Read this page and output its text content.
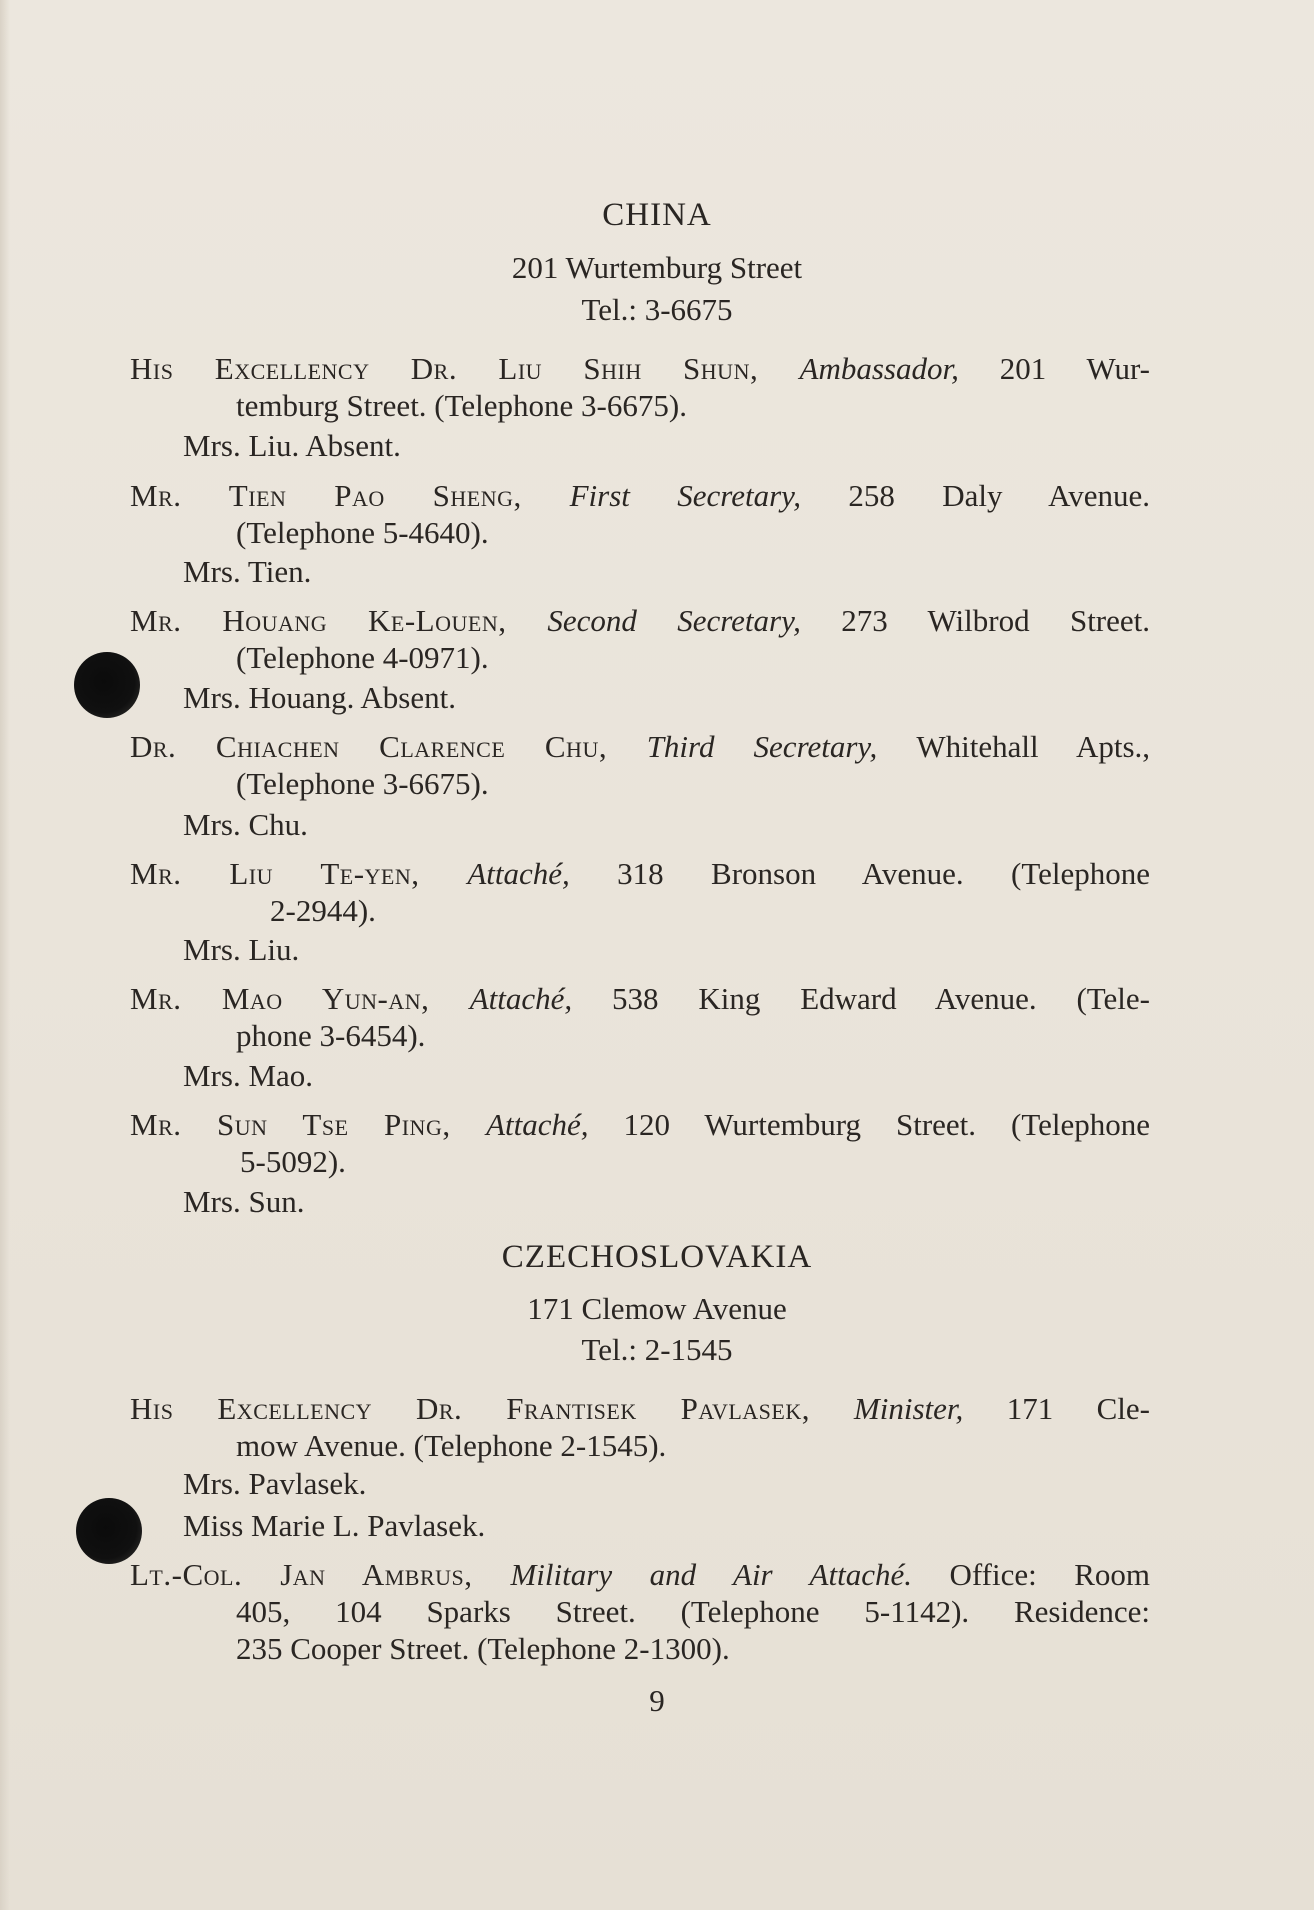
CHINA
201 Wurtemburg Street
Tel.: 3-6675
His Excellency Dr. Liu Shih Shun, Ambassador, 201 Wur-
temburg Street. (Telephone 3-6675).
Mrs. Liu. Absent.
Mr. Tien Pao Sheng, First Secretary, 258 Daly Avenue.
(Telephone 5-4640).
Mrs. Tien.
Mr. Houang Ke-Louen, Second Secretary, 273 Wilbrod Street.
(Telephone 4-0971).
Mrs. Houang. Absent.
Dr. Chiachen Clarence Chu, Third Secretary, Whitehall Apts.,
(Telephone 3-6675).
Mrs. Chu.
Mr. Liu Te-yen, Attaché, 318 Bronson Avenue. (Telephone
2-2944).
Mrs. Liu.
Mr. Mao Yun-an, Attaché, 538 King Edward Avenue. (Tele-
phone 3-6454).
Mrs. Mao.
Mr. Sun Tse Ping, Attaché, 120 Wurtemburg Street. (Telephone
5-5092).
Mrs. Sun.
CZECHOSLOVAKIA
171 Clemow Avenue
Tel.: 2-1545
His Excellency Dr. Frantisek Pavlasek, Minister, 171 Cle-
mow Avenue. (Telephone 2-1545).
Mrs. Pavlasek.
Miss Marie L. Pavlasek.
Lt.-Col. Jan Ambrus, Military and Air Attaché. Office: Room
405, 104 Sparks Street. (Telephone 5-1142). Residence:
235 Cooper Street. (Telephone 2-1300).
9
